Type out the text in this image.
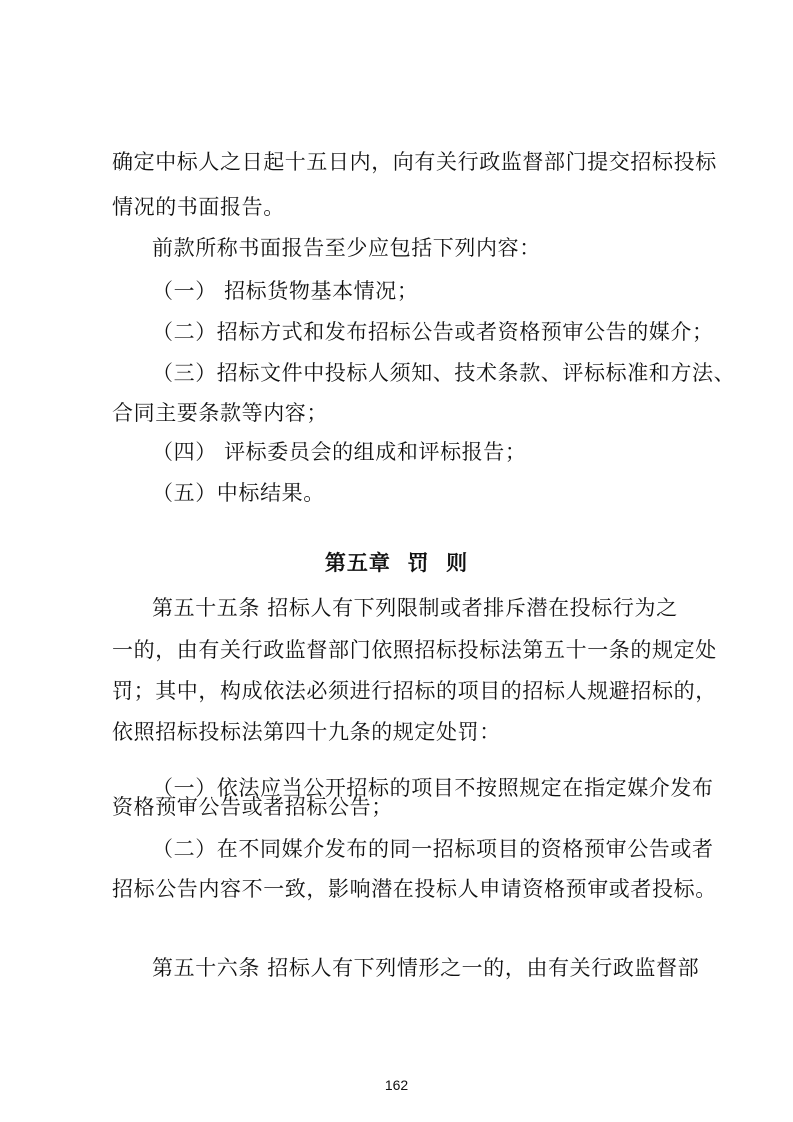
确定中标人之日起十五日内，向有关行政监督部门提交招标投标
情况的书面报告。
前款所称书面报告至少应包括下列内容：
（一） 招标货物基本情况；
（二）招标方式和发布招标公告或者资格预审公告的媒介；
（三）招标文件中投标人须知、技术条款、评标标准和方法、
合同主要条款等内容；
（四） 评标委员会的组成和评标报告；
（五）中标结果。
第五章  罚  则
第五十五条 招标人有下列限制或者排斥潜在投标行为之
一的，由有关行政监督部门依照招标投标法第五十一条的规定处
罚；其中，构成依法必须进行招标的项目的招标人规避招标的，
依照招标投标法第四十九条的规定处罚：
（一）依法应当公开招标的项目不按照规定在指定媒介发布
资格预审公告或者招标公告；
（二）在不同媒介发布的同一招标项目的资格预审公告或者
招标公告内容不一致，影响潜在投标人申请资格预审或者投标。
第五十六条 招标人有下列情形之一的，由有关行政监督部
162
